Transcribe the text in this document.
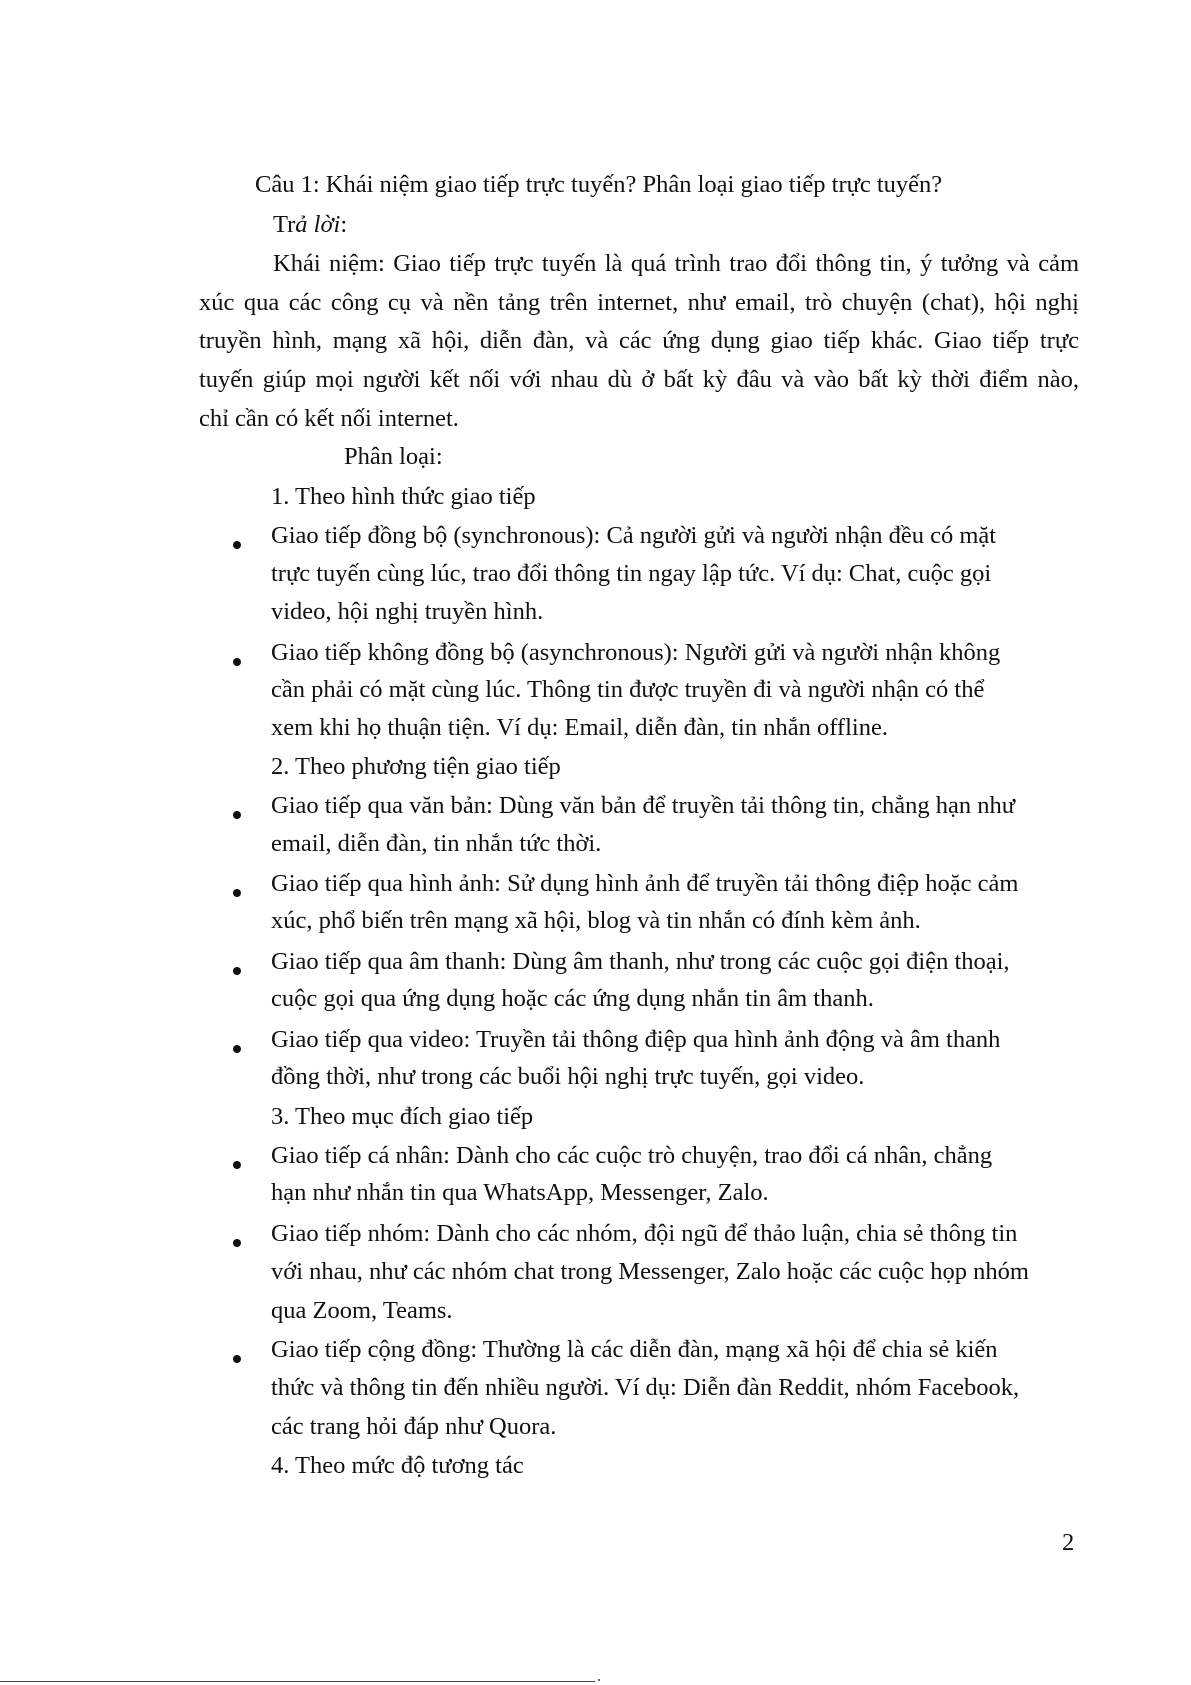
Câu 1: Khái niệm giao tiếp trực tuyến? Phân loại giao tiếp trực tuyến?

Trả lời:

Khái niệm: Giao tiếp trực tuyến là quá trình trao đổi thông tin, ý tưởng và cảm

xúc qua các công cụ và nền tảng trên internet, như email, trò chuyện (chat), hội nghị

truyền hình, mạng xã hội, diễn đàn, và các ứng dụng giao tiếp khác. Giao tiếp trực

tuyến giúp mọi người kết nối với nhau dù ở bất kỳ đâu và vào bất kỳ thời điểm nào,

chỉ cần có kết nối internet.

Phân loại:

1. Theo hình thức giao tiếp

Giao tiếp đồng bộ (synchronous): Cả người gửi và người nhận đều có mặt

trực tuyến cùng lúc, trao đổi thông tin ngay lập tức. Ví dụ: Chat, cuộc gọi

video, hội nghị truyền hình.

Giao tiếp không đồng bộ (asynchronous): Người gửi và người nhận không

cần phải có mặt cùng lúc. Thông tin được truyền đi và người nhận có thể

xem khi họ thuận tiện. Ví dụ: Email, diễn đàn, tin nhắn offline.

2. Theo phương tiện giao tiếp

Giao tiếp qua văn bản: Dùng văn bản để truyền tải thông tin, chẳng hạn như

email, diễn đàn, tin nhắn tức thời.

Giao tiếp qua hình ảnh: Sử dụng hình ảnh để truyền tải thông điệp hoặc cảm

xúc, phổ biến trên mạng xã hội, blog và tin nhắn có đính kèm ảnh.

Giao tiếp qua âm thanh: Dùng âm thanh, như trong các cuộc gọi điện thoại,

cuộc gọi qua ứng dụng hoặc các ứng dụng nhắn tin âm thanh.

Giao tiếp qua video: Truyền tải thông điệp qua hình ảnh động và âm thanh

đồng thời, như trong các buổi hội nghị trực tuyến, gọi video.

3. Theo mục đích giao tiếp

Giao tiếp cá nhân: Dành cho các cuộc trò chuyện, trao đổi cá nhân, chẳng

hạn như nhắn tin qua WhatsApp, Messenger, Zalo.

Giao tiếp nhóm: Dành cho các nhóm, đội ngũ để thảo luận, chia sẻ thông tin

với nhau, như các nhóm chat trong Messenger, Zalo hoặc các cuộc họp nhóm

qua Zoom, Teams.

Giao tiếp cộng đồng: Thường là các diễn đàn, mạng xã hội để chia sẻ kiến

thức và thông tin đến nhiều người. Ví dụ: Diễn đàn Reddit, nhóm Facebook,

các trang hỏi đáp như Quora.

4. Theo mức độ tương tác

2
